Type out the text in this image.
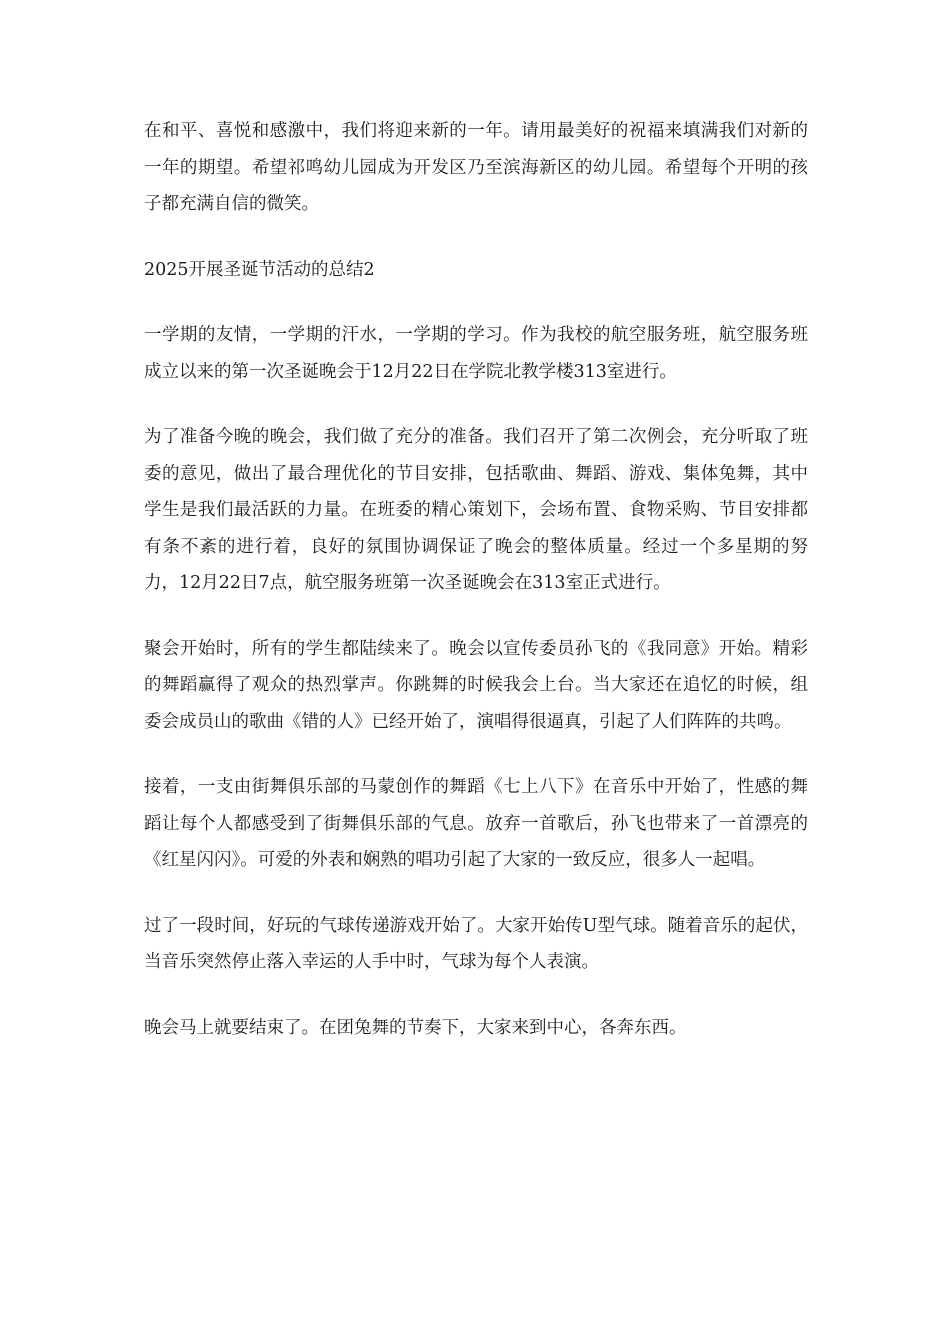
在和平、喜悦和感激中，我们将迎来新的一年。请用最美好的祝福来填满我们对新的一年的期望。希望祁鸣幼儿园成为开发区乃至滨海新区的幼儿园。希望每个开明的孩子都充满自信的微笑。

2025开展圣诞节活动的总结2

一学期的友情，一学期的汗水，一学期的学习。作为我校的航空服务班，航空服务班成立以来的第一次圣诞晚会于12月22日在学院北教学楼313室进行。

为了准备今晚的晚会，我们做了充分的准备。我们召开了第二次例会，充分听取了班委的意见，做出了最合理优化的节目安排，包括歌曲、舞蹈、游戏、集体兔舞，其中学生是我们最活跃的力量。在班委的精心策划下，会场布置、食物采购、节目安排都有条不紊的进行着，良好的氛围协调保证了晚会的整体质量。经过一个多星期的努力，12月22日7点，航空服务班第一次圣诞晚会在313室正式进行。

聚会开始时，所有的学生都陆续来了。晚会以宣传委员孙飞的《我同意》开始。精彩的舞蹈赢得了观众的热烈掌声。你跳舞的时候我会上台。当大家还在追忆的时候，组委会成员山的歌曲《错的人》已经开始了，演唱得很逼真，引起了人们阵阵的共鸣。

接着，一支由街舞俱乐部的马蒙创作的舞蹈《七上八下》在音乐中开始了，性感的舞蹈让每个人都感受到了街舞俱乐部的气息。放弃一首歌后，孙飞也带来了一首漂亮的《红星闪闪》。可爱的外表和娴熟的唱功引起了大家的一致反应，很多人一起唱。

过了一段时间，好玩的气球传递游戏开始了。大家开始传U型气球。随着音乐的起伏，当音乐突然停止落入幸运的人手中时，气球为每个人表演。

晚会马上就要结束了。在团兔舞的节奏下，大家来到中心，各奔东西。
